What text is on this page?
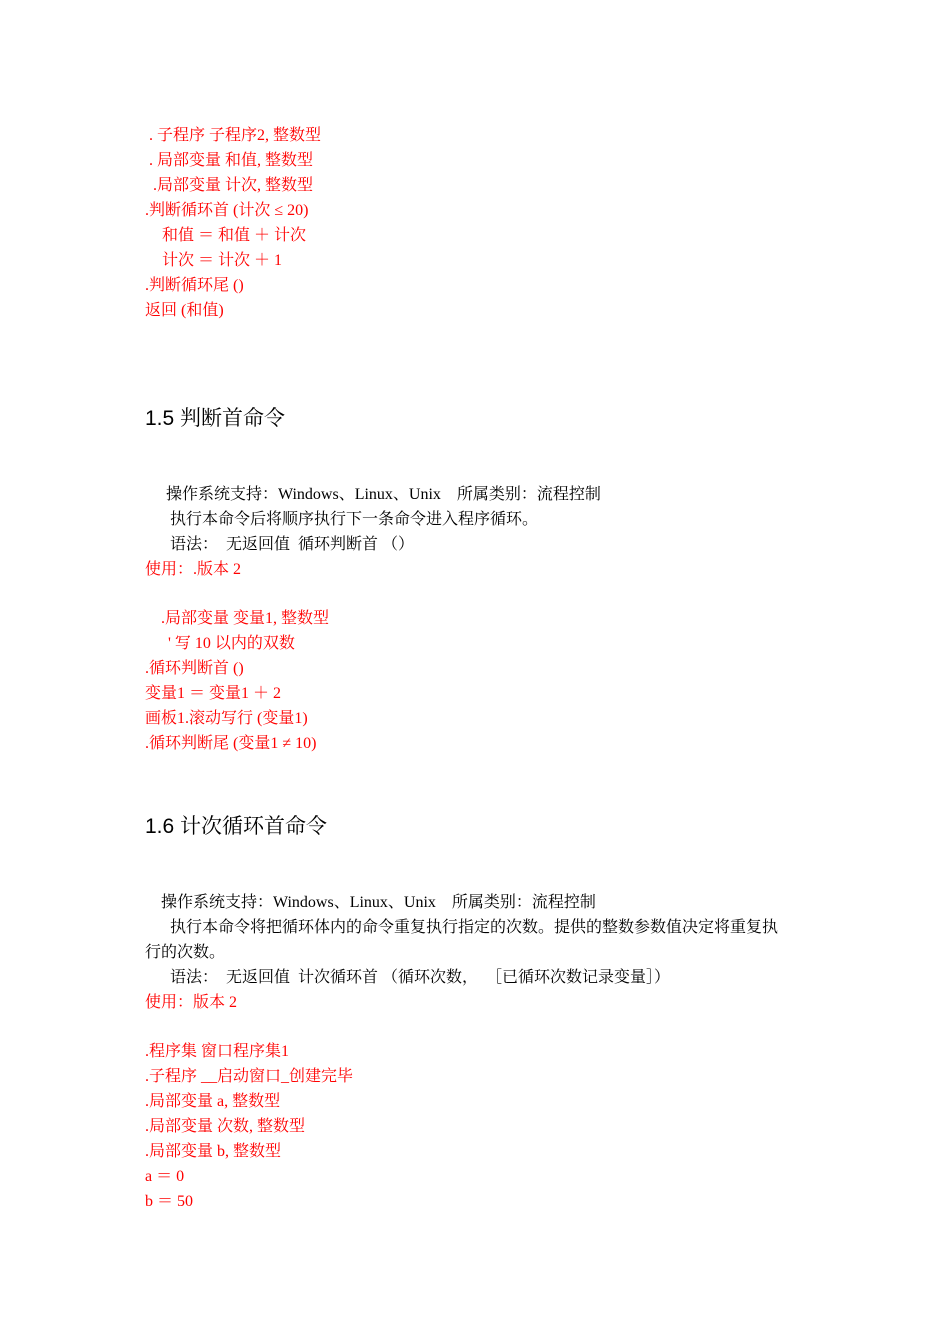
. 子程序 子程序2, 整数型
. 局部变量 和值, 整数型
.局部变量 计次, 整数型
.判断循环首 (计次 ≤ 20)
和值 ＝ 和值 ＋ 计次
计次 ＝ 计次 ＋ 1
.判断循环尾 ()
返回 (和值)
1.5 判断首命令
操作系统支持：Windows、Linux、Unix    所属类别：流程控制
执行本命令后将顺序执行下一条命令进入程序循环。
语法：  无返回值  循环判断首 （）
使用：.版本 2
.局部变量 变量1, 整数型
' 写 10 以内的双数
.循环判断首 ()
变量1 ＝ 变量1 ＋ 2
画板1.滚动写行 (变量1)
.循环判断尾 (变量1 ≠ 10)
1.6 计次循环首命令
操作系统支持：Windows、Linux、Unix    所属类别：流程控制
执行本命令将把循环体内的命令重复执行指定的次数。提供的整数参数值决定将重复执
行的次数。
语法：  无返回值  计次循环首 （循环次数，  ［已循环次数记录变量］）
使用：版本 2
.程序集 窗口程序集1
.子程序 __启动窗口_创建完毕
.局部变量 a, 整数型
.局部变量 次数, 整数型
.局部变量 b, 整数型
a ＝ 0
b ＝ 50
